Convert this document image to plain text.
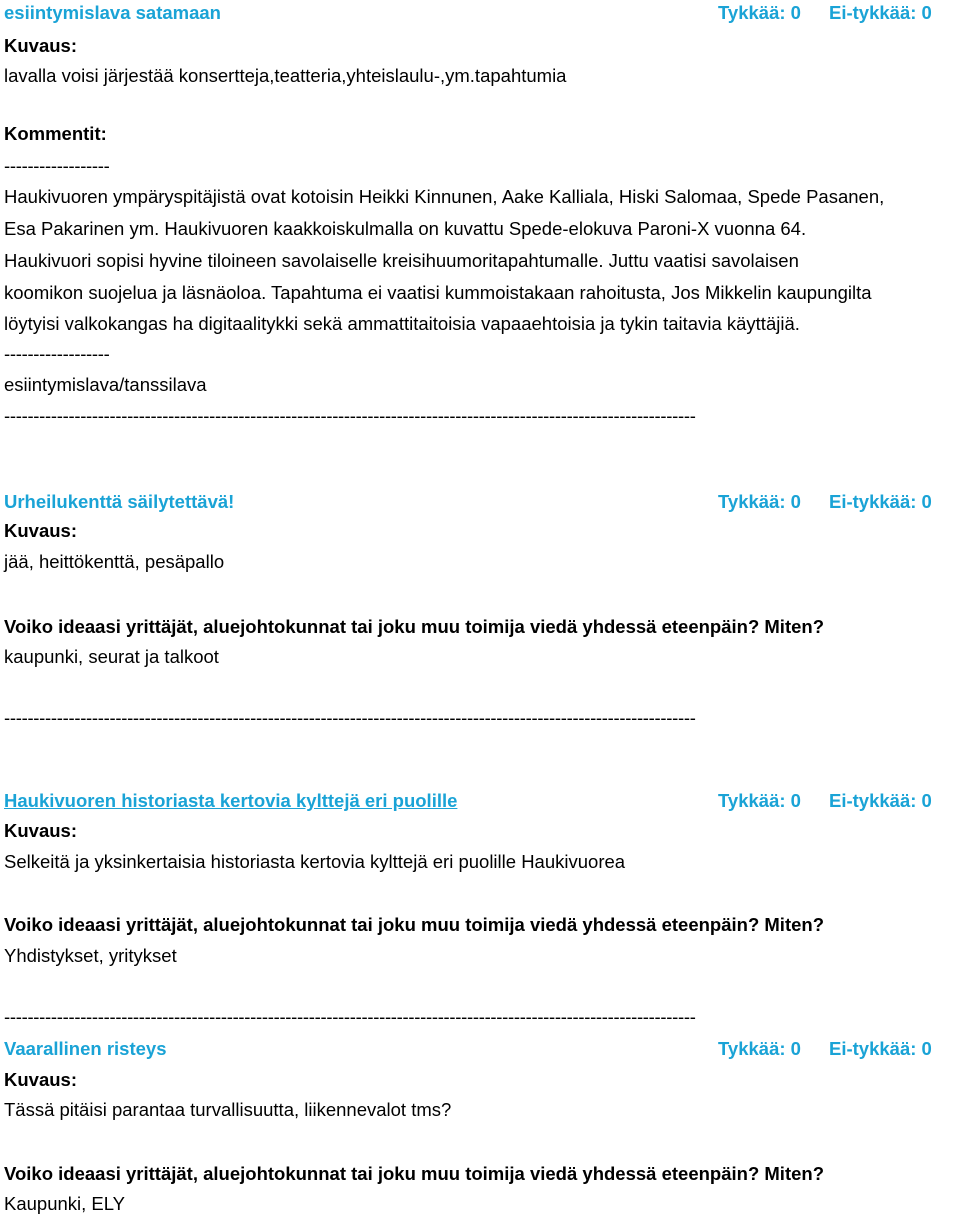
esiintymislava satamaan	Tykkää: 0 Ei-tykkää: 0
Kuvaus:
lavalla voisi järjestää konsertteja,teatteria,yhteislaulu-,ym.tapahtumia
Kommentit:
------------------
Haukivuoren ympäryspitäjistä ovat kotoisin Heikki Kinnunen, Aake Kalliala, Hiski Salomaa, Spede Pasanen,
Esa Pakarinen ym. Haukivuoren kaakkoiskulmalla on kuvattu Spede-elokuva Paroni-X vuonna 64.
Haukivuori sopisi hyvine tiloineen savolaiselle kreisihuumoritapahtumalle. Juttu vaatisi savolaisen
koomikon suojelua ja läsnäoloa. Tapahtuma ei vaatisi kummoistakaan rahoitusta, Jos Mikkelin kaupungilta
löytyisi valkokangas ha digitaalitykki sekä ammattitaitoisia vapaaehtoisia ja tykin taitavia käyttäjiä.
------------------
esiintymislava/tanssilava
----------------------------------------------------------------------------------------------------------------------
Urheilukenttä säilytettävä!	Tykkää: 0 Ei-tykkää: 0
Kuvaus:
jää, heittökenttä, pesäpallo
Voiko ideaasi yrittäjät, aluejohtokunnat tai joku muu toimija viedä yhdessä eteenpäin? Miten?
kaupunki, seurat ja talkoot
----------------------------------------------------------------------------------------------------------------------
Haukivuoren historiasta kertovia kylttejä eri puolille	Tykkää: 0 Ei-tykkää: 0
Kuvaus:
Selkeitä ja yksinkertaisia historiasta kertovia kylttejä eri puolille Haukivuorea
Voiko ideaasi yrittäjät, aluejohtokunnat tai joku muu toimija viedä yhdessä eteenpäin? Miten?
Yhdistykset, yritykset
----------------------------------------------------------------------------------------------------------------------
Vaarallinen risteys	Tykkää: 0 Ei-tykkää: 0
Kuvaus:
Tässä pitäisi parantaa turvallisuutta, liikennevalot tms?
Voiko ideaasi yrittäjät, aluejohtokunnat tai joku muu toimija viedä yhdessä eteenpäin? Miten?
Kaupunki, ELY
